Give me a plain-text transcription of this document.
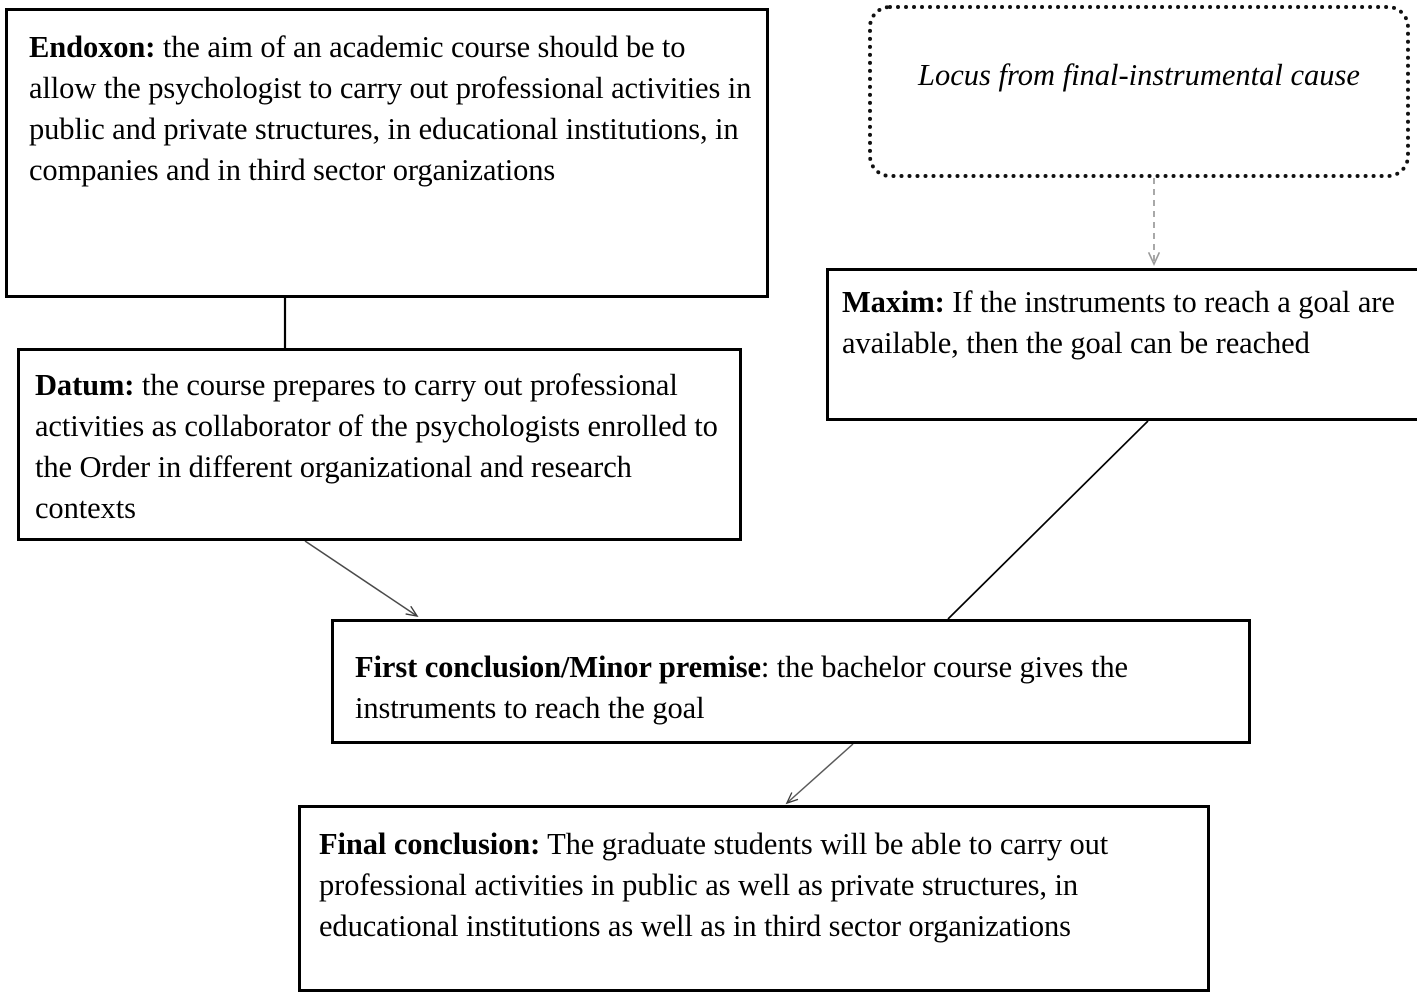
Endoxon: the aim of an academic course should be to allow the psychologist to carry out professional activities in public and private structures, in educational institutions, in companies and in third sector organizations
Locus from final-instrumental cause
Datum: the course prepares to carry out professional activities as collaborator of the psychologists enrolled to the Order in different organizational and research contexts
Maxim: If the instruments to reach a goal are available, then the goal can be reached
First conclusion/Minor premise: the bachelor course gives the instruments to reach the goal
Final conclusion: The graduate students will be able to carry out professional activities in public as well as private structures, in educational institutions as well as in third sector organizations
